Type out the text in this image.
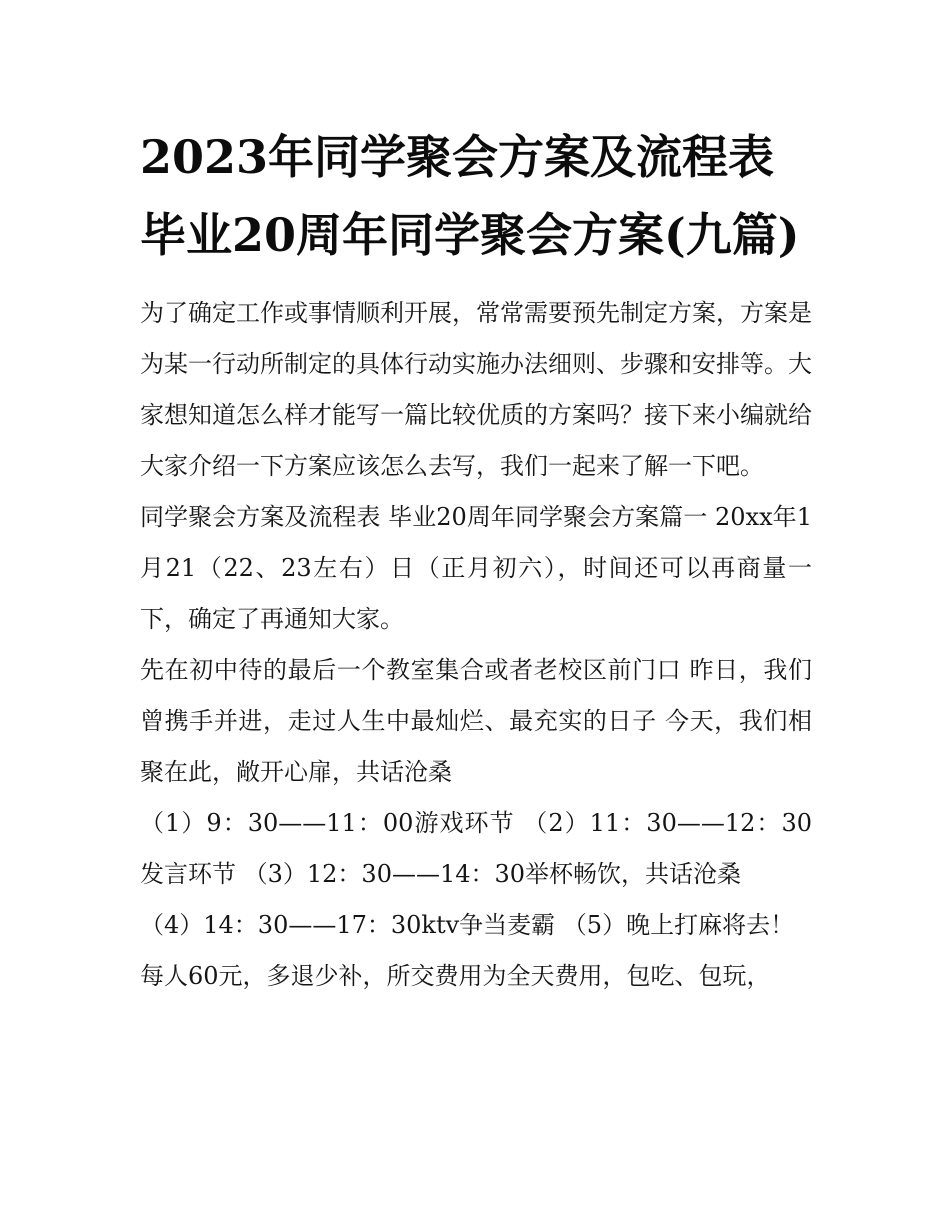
2023年同学聚会方案及流程表 毕业20周年同学聚会方案(九篇)

为了确定工作或事情顺利开展，常常需要预先制定方案，方案是为某一行动所制定的具体行动实施办法细则、步骤和安排等。大家想知道怎么样才能写一篇比较优质的方案吗？接下来小编就给大家介绍一下方案应该怎么去写，我们一起来了解一下吧。

同学聚会方案及流程表 毕业20周年同学聚会方案篇一 20xx年1月21（22、23左右）日（正月初六），时间还可以再商量一下，确定了再通知大家。

先在初中待的最后一个教室集合或者老校区前门口 昨日，我们曾携手并进，走过人生中最灿烂、最充实的日子 今天，我们相聚在此，敞开心扉，共话沧桑

（1）9：30——11：00游戏环节 （2）11：30——12：30发言环节 （3）12：30——14：30举杯畅饮，共话沧桑

（4）14：30——17：30ktv争当麦霸 （5）晚上打麻将去！

每人60元，多退少补，所交费用为全天费用，包吃、包玩，
